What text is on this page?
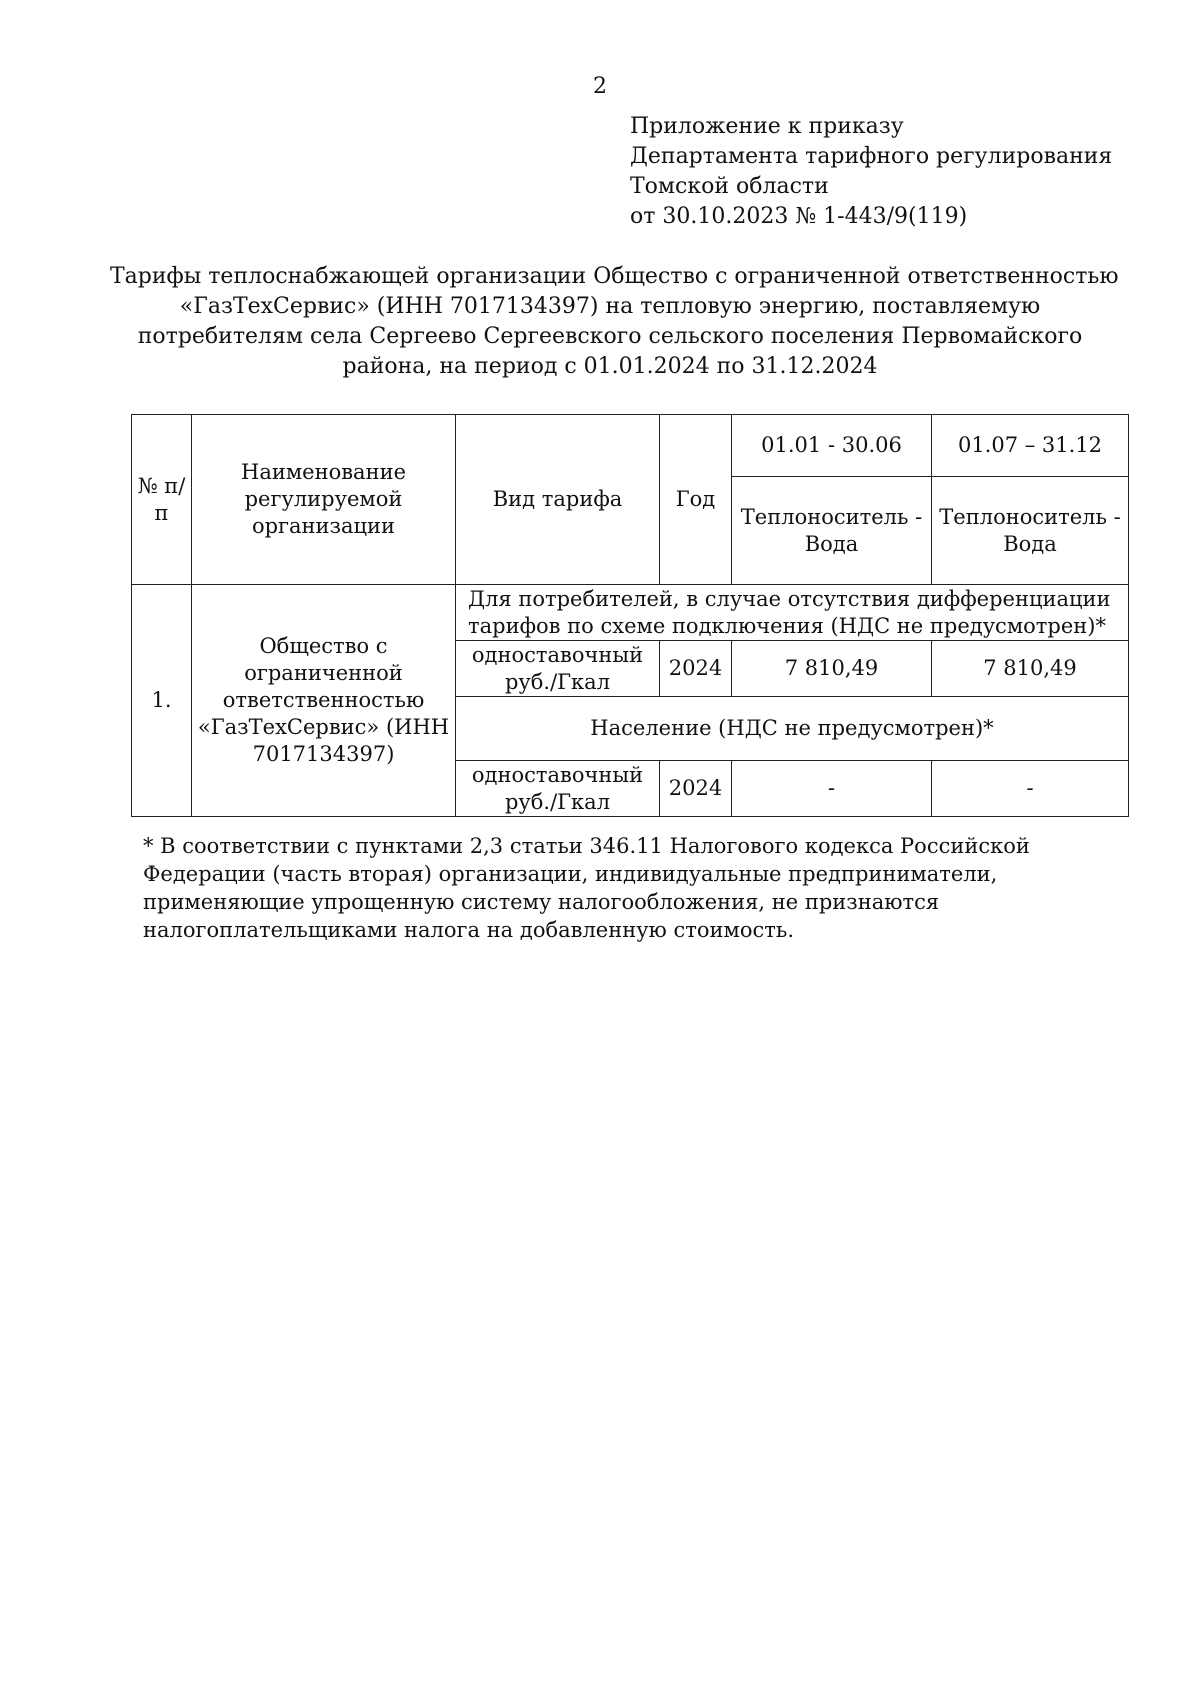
2
Приложение к приказу
Департамента тарифного регулирования
Томской области
от 30.10.2023 № 1-443/9(119)
Тарифы теплоснабжающей организации Общество с ограниченной ответственностью
«ГазТехСервис» (ИНН 7017134397) на тепловую энергию, поставляемую
потребителям села Сергеево Сергеевского сельского поселения Первомайского
района, на период с 01.01.2024 по 31.12.2024
№ п/п	Наименование регулируемой организации	Вид тарифа	Год	01.01 - 30.06	01.07 – 31.12
				Теплоноситель - Вода	Теплоноситель - Вода
1.	Общество с ограниченной ответственностью «ГазТехСервис» (ИНН 7017134397)	Для потребителей, в случае отсутствия дифференциации тарифов по схеме подключения (НДС не предусмотрен)*			
		одноставочный руб./Гкал	2024	7 810,49	7 810,49
		Население (НДС не предусмотрен)*			
		одноставочный руб./Гкал	2024	-	-
* В соответствии с пунктами 2,3 статьи 346.11 Налогового кодекса Российской Федерации (часть вторая) организации, индивидуальные предприниматели, применяющие упрощенную систему налогообложения, не признаются налогоплательщиками налога на добавленную стоимость.
